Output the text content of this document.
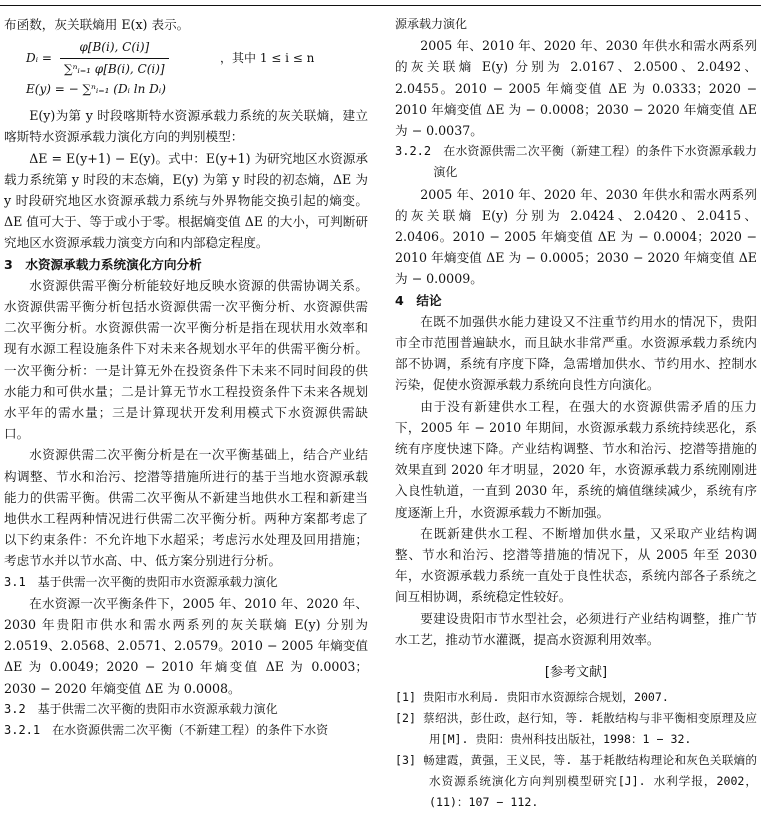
布函数，灰关联熵用 E(x) 表示。

Dᵢ = $\frac{\varphi[B(i), C(i)]}{\text{∑ⁿᵢ₌₁ φ[B(i), C(i)]}}$	，其中 1 ≤ i ≤ n
E(y) = − ∑ⁿᵢ₌₁ (Dᵢ ln Dᵢ)

E(y)为第 y 时段喀斯特水资源承载力系统的灰关联熵，建立喀斯特水资源承载力演化方向的判别模型：

ΔE = E(y+1) − E(y)。式中：E(y+1) 为研究地区水资源承载力系统第 y 时段的末态熵，E(y) 为第 y 时段的初态熵，ΔE 为 y 时段研究地区水资源承载力系统与外界物能交换引起的熵变。ΔE 值可大于、等于或小于零。根据熵变值 ΔE 的大小，可判断研究地区水资源承载力演变方向和内部稳定程度。

3　水资源承载力系统演化方向分析

水资源供需平衡分析能较好地反映水资源的供需协调关系。水资源供需平衡分析包括水资源供需一次平衡分析、水资源供需二次平衡分析。水资源供需一次平衡分析是指在现状用水效率和现有水源工程设施条件下对未来各规划水平年的供需平衡分析。一次平衡分析：一是计算无外在投资条件下未来不同时间段的供水能力和可供水量；二是计算无节水工程投资条件下未来各规划水平年的需水量；三是计算现状开发利用模式下水资源供需缺口。

水资源供需二次平衡分析是在一次平衡基础上，结合产业结构调整、节水和治污、挖潜等措施所进行的基于当地水资源承载能力的供需平衡。供需二次平衡从不新建当地供水工程和新建当地供水工程两种情况进行供需二次平衡分析。两种方案都考虑了以下约束条件：不允许地下水超采；考虑污水处理及回用措施；考虑节水并以节水高、中、低方案分别进行分析。

3.1　基于供需一次平衡的贵阳市水资源承载力演化

在水资源一次平衡条件下，2005 年、2010 年、2020 年、2030 年贵阳市供水和需水两系列的灰关联熵 E(y) 分别为 2.0519、2.0568、2.0571、2.0579。2010 − 2005 年熵变值 ΔE 为 0.0049；2020 − 2010 年熵变值 ΔE 为 0.0003；2030 − 2020 年熵变值 ΔE 为 0.0008。

3.2　基于供需二次平衡的贵阳市水资源承载力演化

3.2.1　在水资源供需二次平衡（不新建工程）的条件下水资

源承载力演化

2005 年、2010 年、2020 年、2030 年供水和需水两系列的灰关联熵 E(y) 分别为 2.0167、2.0500、2.0492、2.0455。2010 − 2005 年熵变值 ΔE 为 0.0333；2020 − 2010 年熵变值 ΔE 为 − 0.0008；2030 − 2020 年熵变值 ΔE 为 − 0.0037。

3.2.2　在水资源供需二次平衡（新建工程）的条件下水资源承载力演化

2005 年、2010 年、2020 年、2030 年供水和需水两系列的灰关联熵 E(y) 分别为 2.0424、2.0420、2.0415、2.0406。2010 − 2005 年熵变值 ΔE 为 − 0.0004；2020 − 2010 年熵变值 ΔE 为 − 0.0005；2030 − 2020 年熵变值 ΔE 为 − 0.0009。

4　结论

在既不加强供水能力建设又不注重节约用水的情况下，贵阳市全市范围普遍缺水，而且缺水非常严重。水资源承载力系统内部不协调，系统有序度下降，急需增加供水、节约用水、控制水污染，促使水资源承载力系统向良性方向演化。

由于没有新建供水工程，在强大的水资源供需矛盾的压力下，2005 年 − 2010 年期间，水资源承载力系统持续恶化，系统有序度快速下降。产业结构调整、节水和治污、挖潜等措施的效果直到 2020 年才明显，2020 年，水资源承载力系统刚刚进入良性轨道，一直到 2030 年，系统的熵值继续减少，系统有序度逐渐上升，水资源承载力不断加强。

在既新建供水工程、不断增加供水量，又采取产业结构调整、节水和治污、挖潜等措施的情况下，从 2005 年至 2030 年，水资源承载力系统一直处于良性状态，系统内部各子系统之间互相协调，系统稳定性较好。

要建设贵阳市节水型社会，必须进行产业结构调整，推广节水工艺，推动节水灌溉，提高水资源利用效率。

[参考文献]

[1] 贵阳市水利局. 贵阳市水资源综合规划，2007.

[2] 蔡绍洪，彭仕政，赵行知，等. 耗散结构与非平衡相变原理及应用[M]. 贵阳：贵州科技出版社，1998：1 − 32.

[3] 畅建霞，黄强，王义民，等. 基于耗散结构理论和灰色关联熵的水资源系统演化方向判别模型研究[J]. 水利学报，2002，(11)：107 − 112.
